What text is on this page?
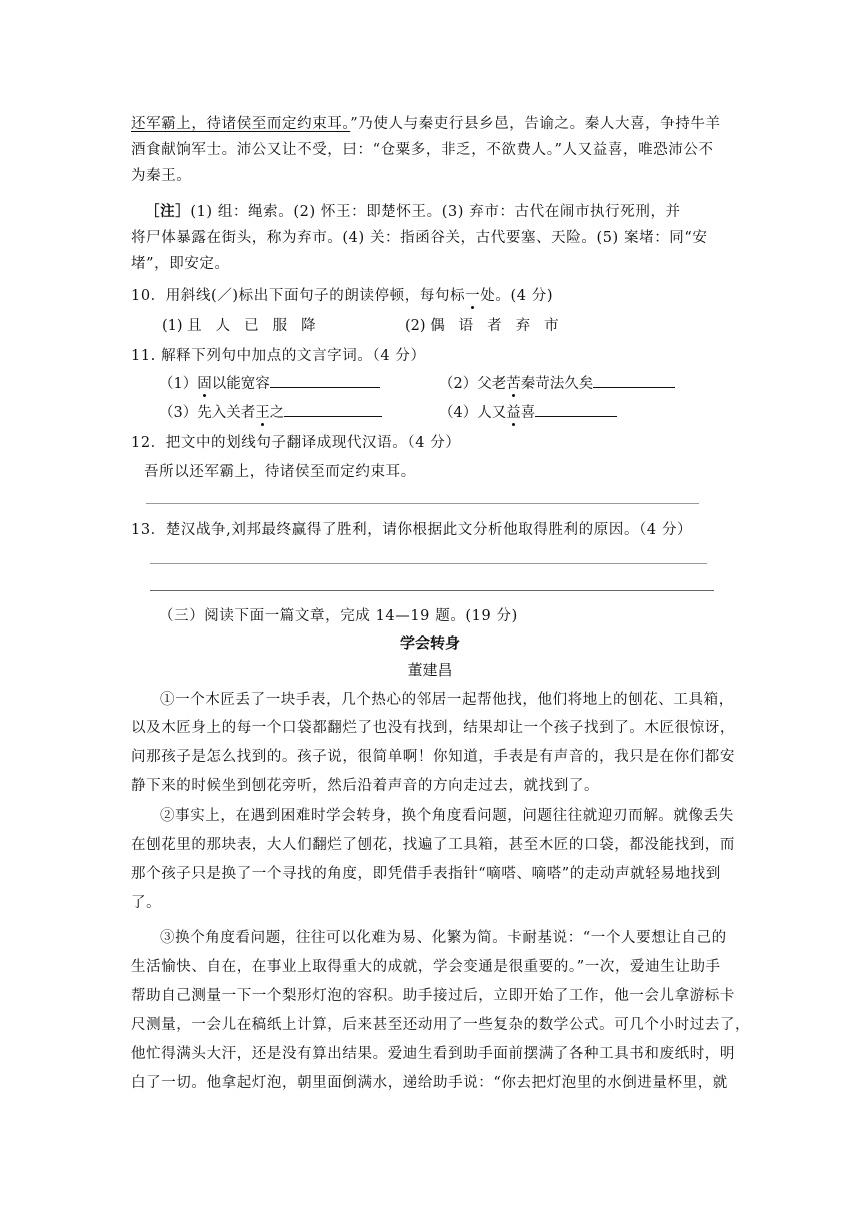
还军霸上，待诸侯至而定约束耳。”乃使人与秦吏行县乡邑，告谕之。秦人大喜，争持牛羊
酒食献饷军士。沛公又让不受，曰：“仓粟多，非乏，不欲费人。”人又益喜，唯恐沛公不
为秦王。
［注］(1) 组：绳索。(2) 怀王：即楚怀王。(3) 弃市：古代在闹市执行死刑，并
将尸体暴露在街头，称为弃市。(4) 关：指函谷关，古代要塞、天险。(5) 案堵：同“安
堵”，即安定。
10．用斜线(／)标出下面句子的朗读停顿，每句标一处。(4 分)
(1) 且人已服降	(2) 偶语者弃市
11. 解释下列句中加点的文言字词。（4 分）
（1）固以能宽容	（2）父老苦秦苛法久矣
（3）先入关者王之	（4）人又益喜
12．把文中的划线句子翻译成现代汉语。（4 分）
吾所以还军霸上，待诸侯至而定约束耳。
13．楚汉战争,刘邦最终赢得了胜利，请你根据此文分析他取得胜利的原因。（4 分）
（三）阅读下面一篇文章，完成 14—19 题。(19 分)
学会转身
董建昌
①一个木匠丢了一块手表，几个热心的邻居一起帮他找，他们将地上的刨花、工具箱，
以及木匠身上的每一个口袋都翻烂了也没有找到，结果却让一个孩子找到了。木匠很惊讶，
问那孩子是怎么找到的。孩子说，很简单啊！你知道，手表是有声音的，我只是在你们都安
静下来的时候坐到刨花旁听，然后沿着声音的方向走过去，就找到了。
②事实上，在遇到困难时学会转身，换个角度看问题，问题往往就迎刃而解。就像丢失
在刨花里的那块表，大人们翻烂了刨花，找遍了工具箱，甚至木匠的口袋，都没能找到，而
那个孩子只是换了一个寻找的角度，即凭借手表指针“嘀嗒、嘀嗒”的走动声就轻易地找到
了。
③换个角度看问题，往往可以化难为易、化繁为简。卡耐基说：“一个人要想让自己的
生活愉快、自在，在事业上取得重大的成就，学会变通是很重要的。”一次，爱迪生让助手
帮助自己测量一下一个梨形灯泡的容积。助手接过后，立即开始了工作，他一会儿拿游标卡
尺测量，一会儿在稿纸上计算，后来甚至还动用了一些复杂的数学公式。可几个小时过去了，
他忙得满头大汗，还是没有算出结果。爱迪生看到助手面前摆满了各种工具书和废纸时，明
白了一切。他拿起灯泡，朝里面倒满水，递给助手说：“你去把灯泡里的水倒进量杯里，就
